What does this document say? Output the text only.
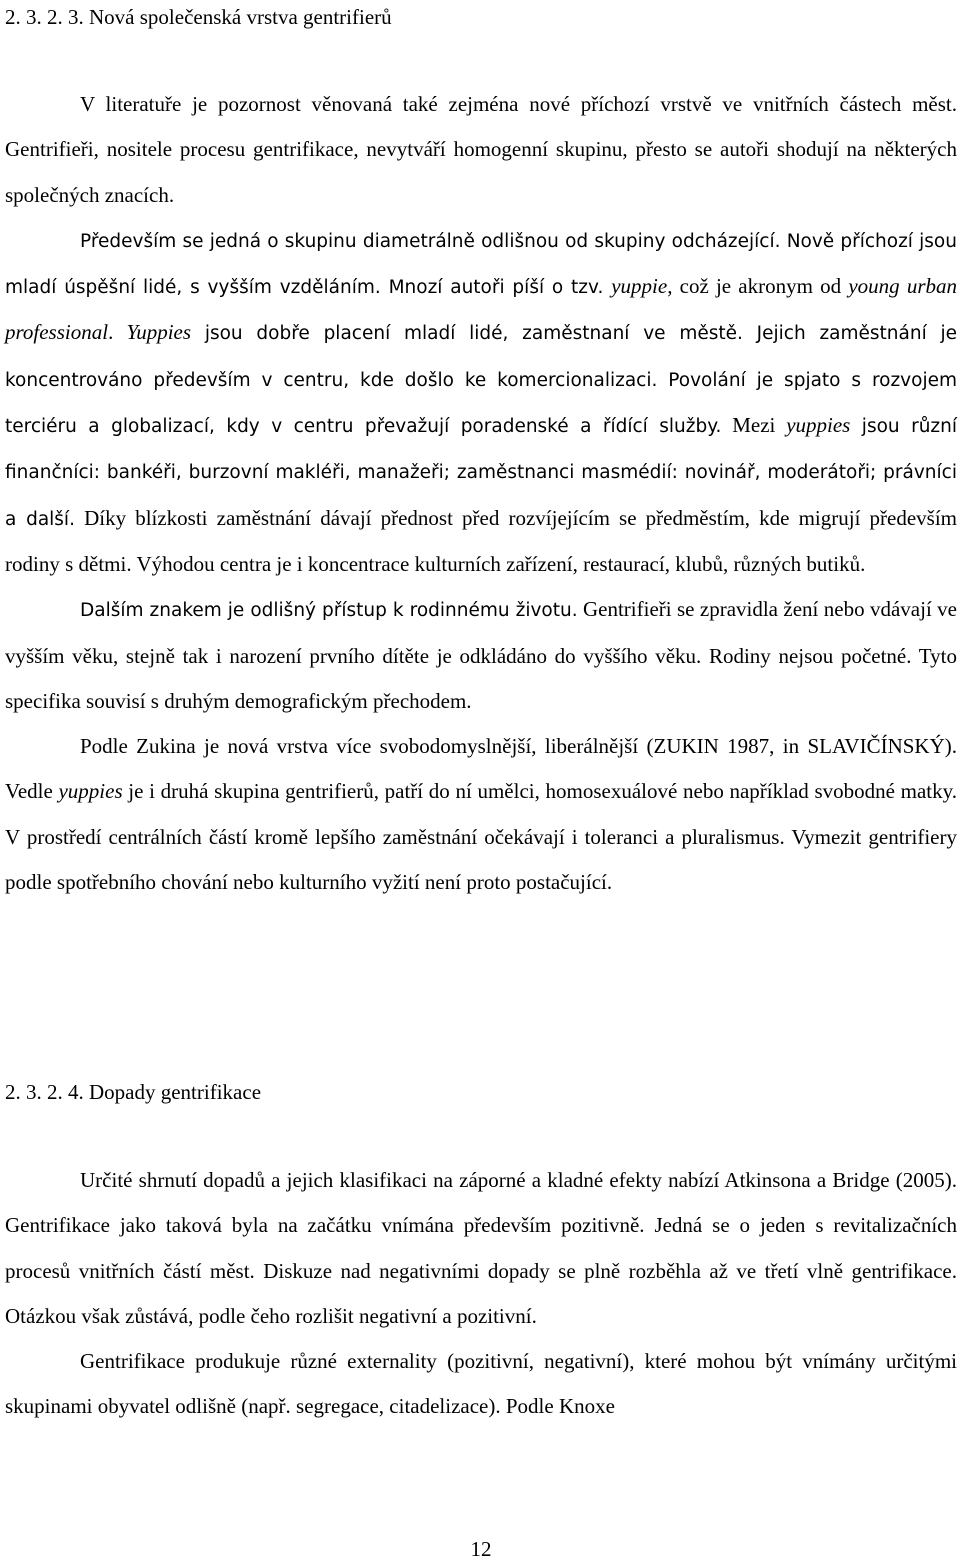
2. 3. 2. 3. Nová společenská vrstva gentrifierů

V literatuře je pozornost věnovaná také zejména nové příchozí vrstvě ve vnitřních částech měst. Gentrifieři, nositele procesu gentrifikace, nevytváří homogenní skupinu, přesto se autoři shodují na některých společných znacích.

Především se jedná o skupinu diametrálně odlišnou od skupiny odcházející. Nově příchozí jsou mladí úspěšní lidé, s vyšším vzděláním. Mnozí autoři píší o tzv. yuppie, což je akronym od young urban professional. Yuppies jsou dobře placení mladí lidé, zaměstnaní ve městě. Jejich zaměstnání je koncentrováno především v centru, kde došlo ke komercionalizaci. Povolání je spjato s rozvojem terciéru a globalizací, kdy v centru převažují poradenské a řídící služby. Mezi yuppies jsou různí finančníci: bankéři, burzovní makléři, manažeři; zaměstnanci masmédií: novinář, moderátoři; právníci a další. Díky blízkosti zaměstnání dávají přednost před rozvíjejícím se předměstím, kde migrují především rodiny s dětmi. Výhodou centra je i koncentrace kulturních zařízení, restaurací, klubů, různých butiků.

Dalším znakem je odlišný přístup k rodinnému životu. Gentrifieři se zpravidla žení nebo vdávají ve vyšším věku, stejně tak i narození prvního dítěte je odkládáno do vyššího věku. Rodiny nejsou početné. Tyto specifika souvisí s druhým demografickým přechodem.

Podle Zukina je nová vrstva více svobodomyslnější, liberálnější (ZUKIN 1987, in SLAVIČÍNSKÝ). Vedle yuppies je i druhá skupina gentrifierů, patří do ní umělci, homosexuálové nebo například svobodné matky. V prostředí centrálních částí kromě lepšího zaměstnání očekávají i toleranci a pluralismus. Vymezit gentrifiery podle spotřebního chování nebo kulturního vyžití není proto postačující.

2. 3. 2. 4. Dopady gentrifikace

Určité shrnutí dopadů a jejich klasifikaci na záporné a kladné efekty nabízí Atkinsona a Bridge (2005). Gentrifikace jako taková byla na začátku vnímána především pozitivně. Jedná se o jeden s revitalizačních procesů vnitřních částí měst. Diskuze nad negativními dopady se plně rozběhla až ve třetí vlně gentrifikace. Otázkou však zůstává, podle čeho rozlišit negativní a pozitivní.

Gentrifikace produkuje různé externality (pozitivní, negativní), které mohou být vnímány určitými skupinami obyvatel odlišně (např. segregace, citadelizace). Podle Knoxe

12
